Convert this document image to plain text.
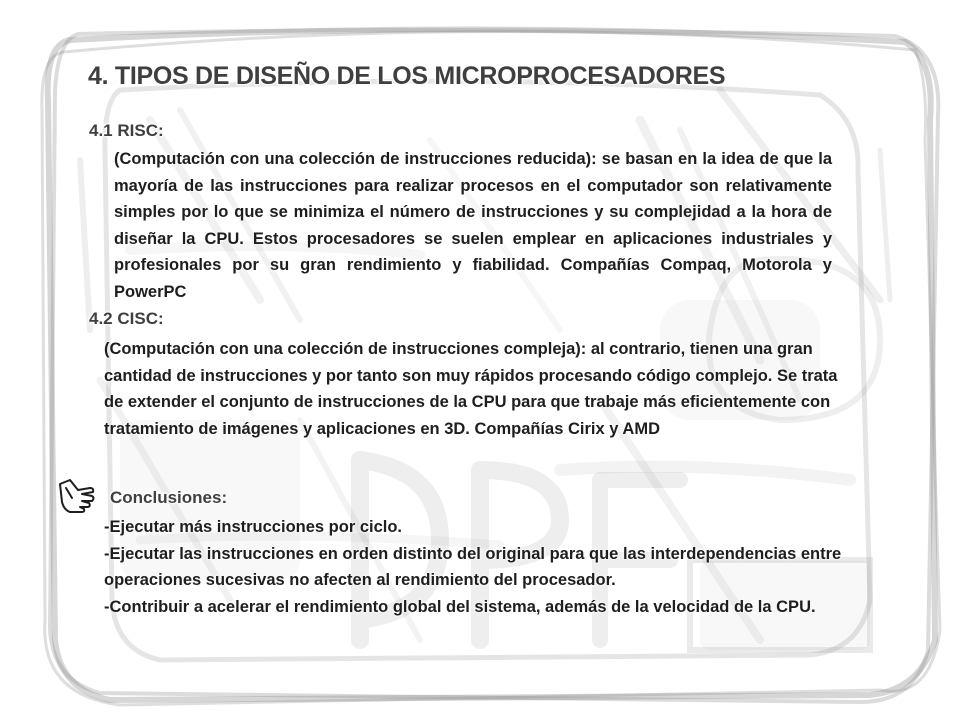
4. TIPOS DE DISEÑO DE LOS MICROPROCESADORES
4.1 RISC:

(Computación con una colección de instrucciones reducida): se basan en la idea de que la mayoría de las instrucciones para realizar procesos en el computador son relativamente simples por lo que se minimiza el número de instrucciones y su complejidad a la hora de diseñar la CPU. Estos procesadores se suelen emplear en aplicaciones industriales y profesionales por su gran rendimiento y fiabilidad. Compañías Compaq, Motorola y PowerPC

4.2 CISC:

(Computación con una colección de instrucciones compleja): al contrario, tienen una gran cantidad de instrucciones y por tanto son muy rápidos procesando código complejo. Se trata de extender el conjunto de instrucciones de la CPU para que trabaje más eficientemente con tratamiento de imágenes y aplicaciones en 3D. Compañías Cirix y AMD

Conclusiones:
-Ejecutar más instrucciones por ciclo.
-Ejecutar las instrucciones en orden distinto del original para que las interdependencias entre operaciones sucesivas no afecten al rendimiento del procesador.
-Contribuir a acelerar el rendimiento global del sistema, además de la velocidad de la CPU.
